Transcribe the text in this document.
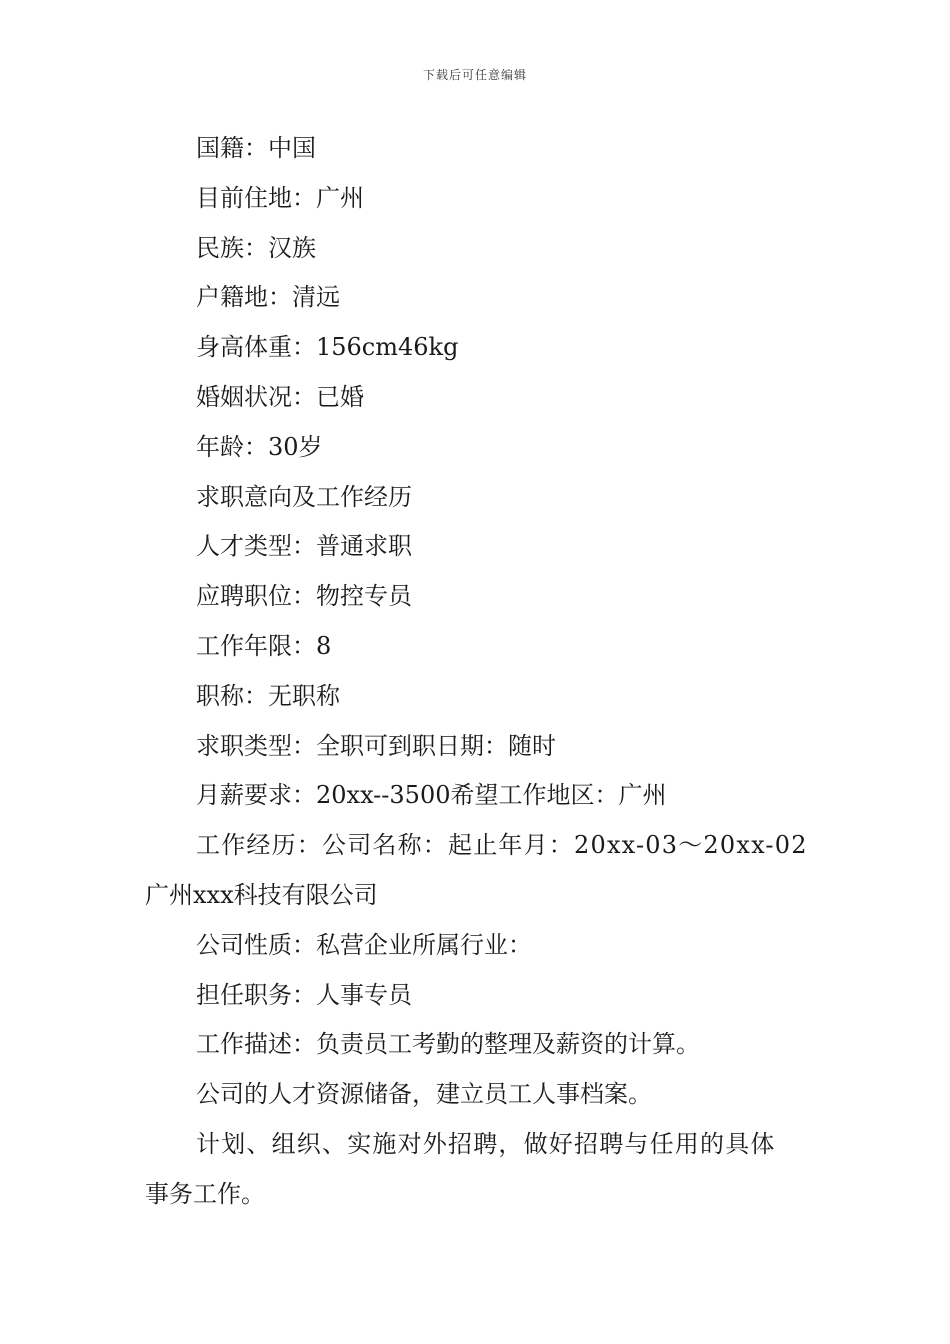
下载后可任意编辑
国籍：中国
目前住地：广州
民族：汉族
户籍地：清远
身高体重：156cm46kg
婚姻状况：已婚
年龄：30岁
求职意向及工作经历
人才类型：普通求职
应聘职位：物控专员
工作年限：8
职称：无职称
求职类型：全职可到职日期：随时
月薪要求：20xx--3500希望工作地区：广州
工作经历：公司名称：起止年月：20xx-03～20xx-02
广州xxx科技有限公司
公司性质：私营企业所属行业：
担任职务：人事专员
工作描述：负责员工考勤的整理及薪资的计算。
公司的人才资源储备，建立员工人事档案。
计划、组织、实施对外招聘，做好招聘与任用的具体
事务工作。
